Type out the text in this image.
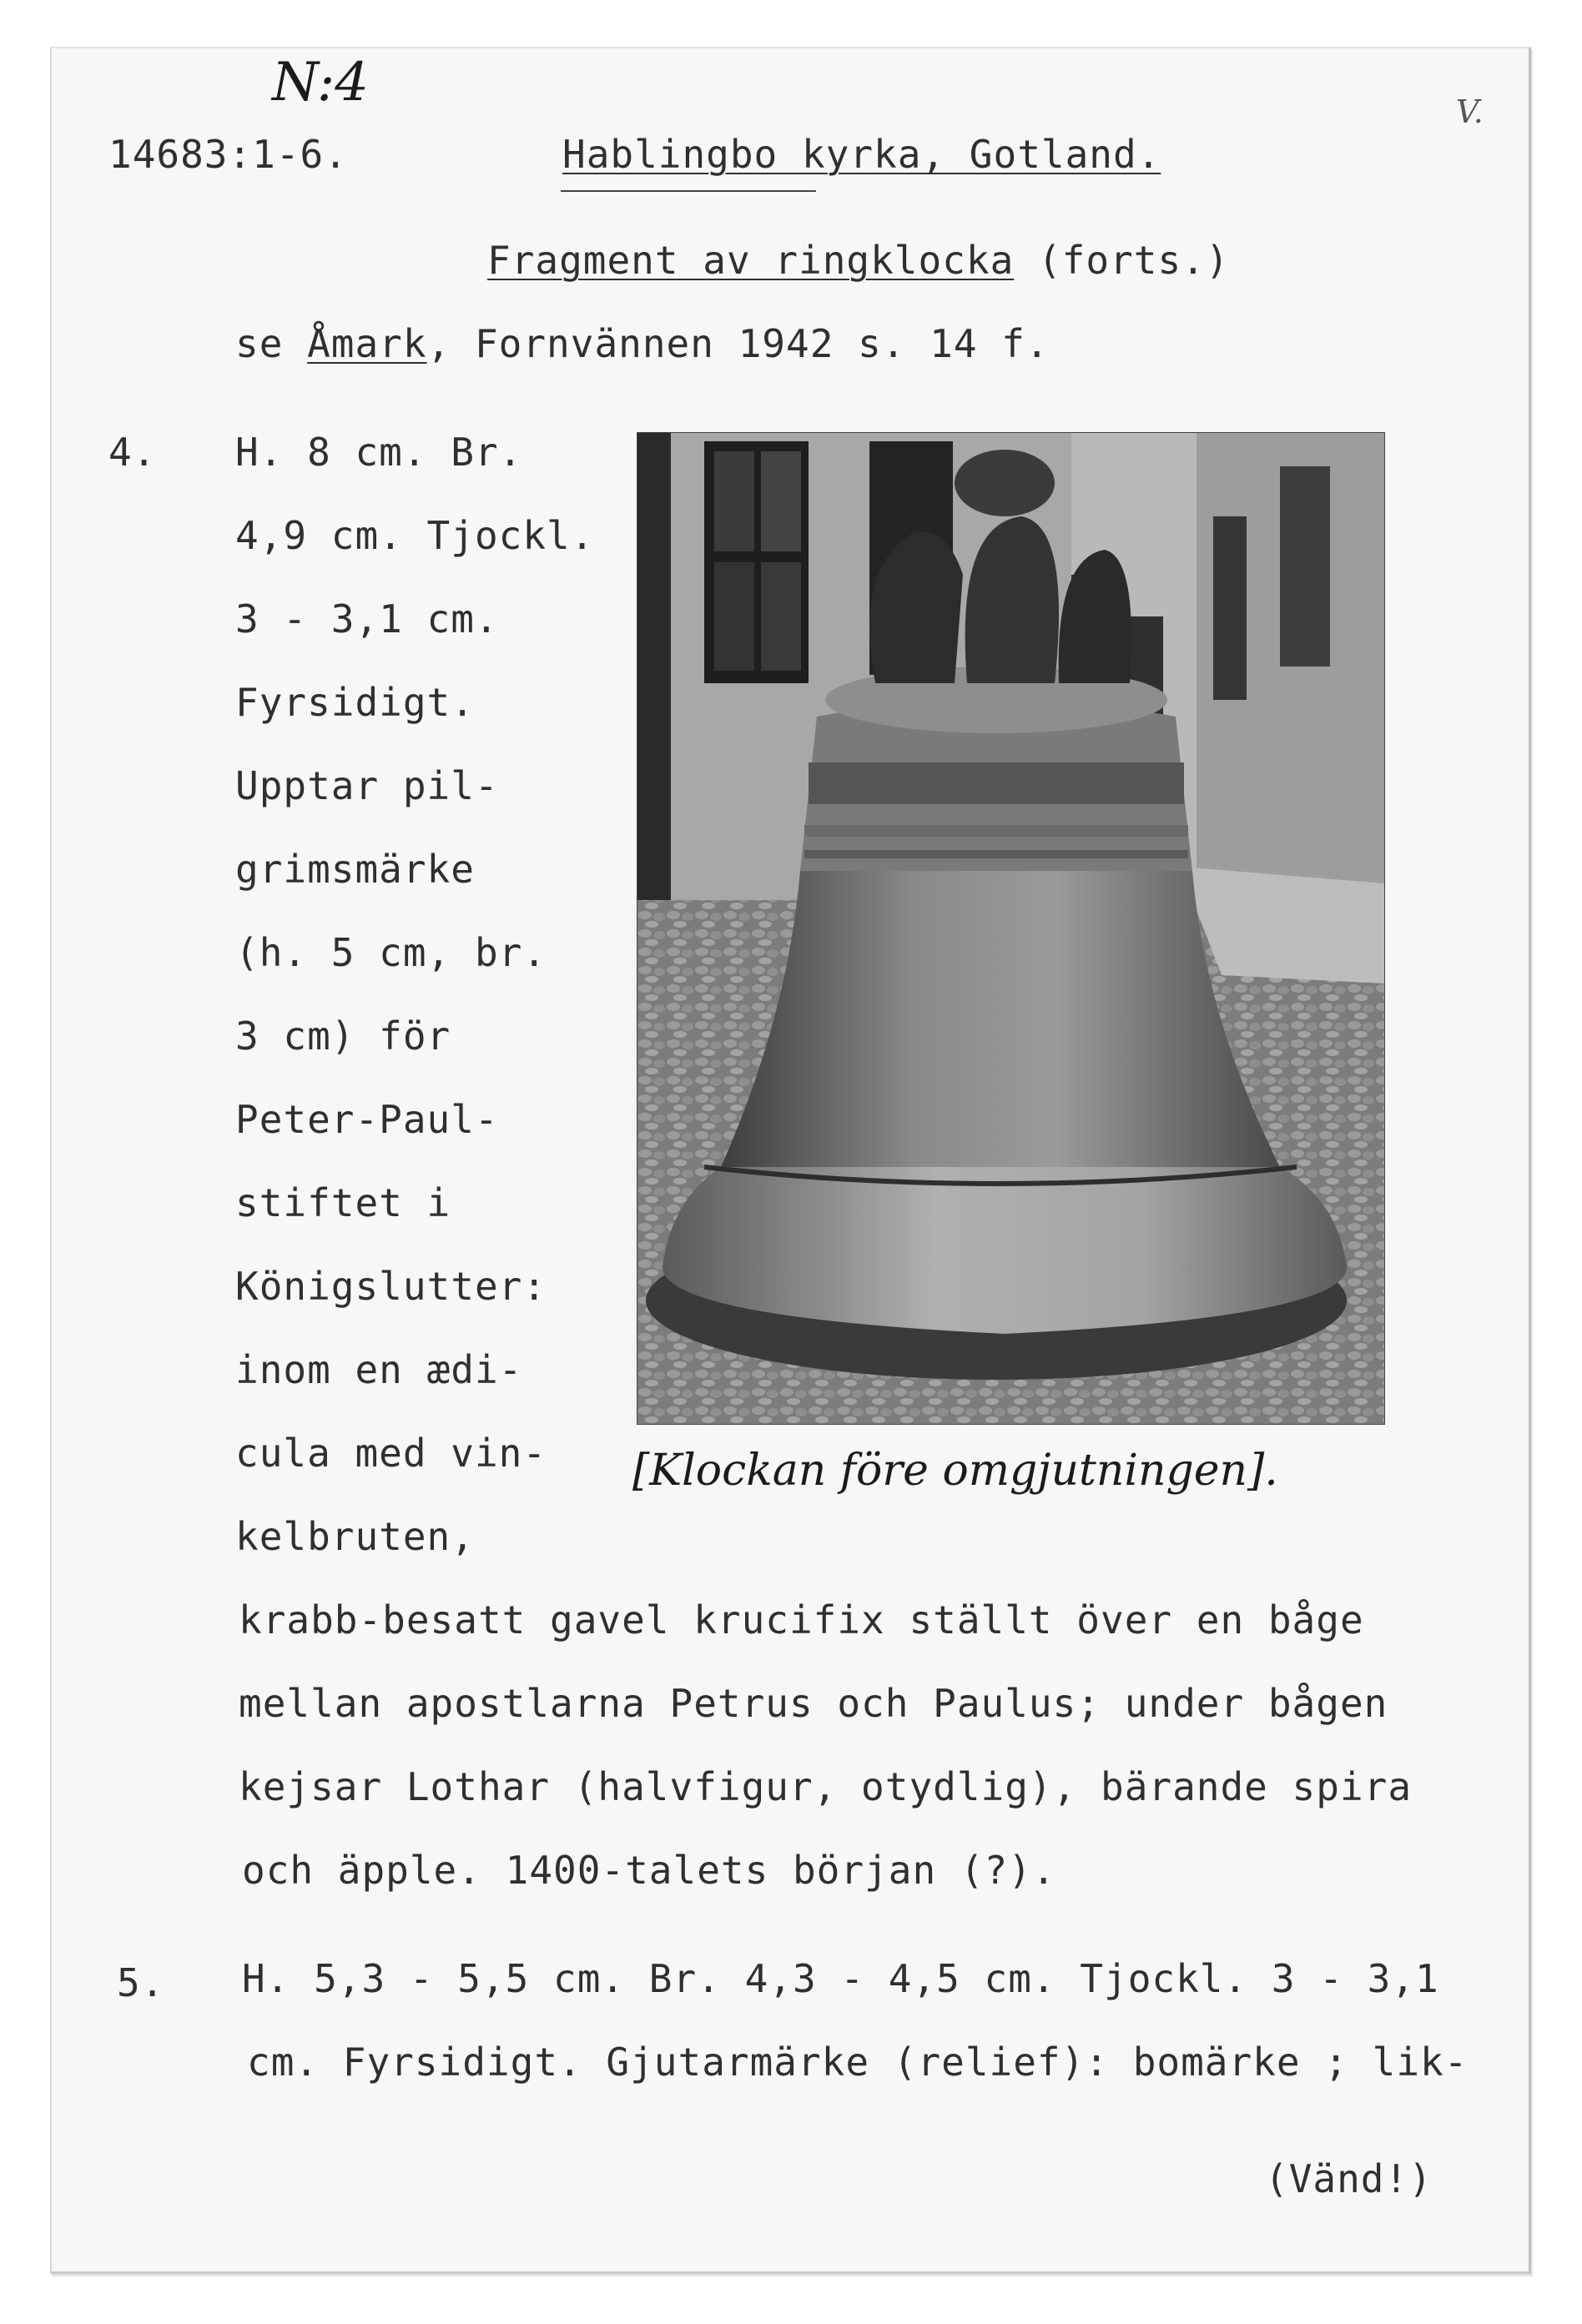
N:4	V.
14683:1-6.	Hablingbo kyrka, Gotland.
Fragment av ringklocka (forts.)
se Åmark, Fornvännen 1942 s. 14 f.
4. H. 8 cm. Br.
4,9 cm. Tjockl.
3 - 3,1 cm.
Fyrsidigt.
Upptar pil-
grimsmärke
(h. 5 cm, br.
3 cm) för
Peter-Paul-
stiftet i
Königslutter:
inom en ædi-
cula med vin-
kelbruten,
krabb-besatt gavel krucifix ställt över en båge
mellan apostlarna Petrus och Paulus; under bågen
kejsar Lothar (halvfigur, otydlig), bärande spira
och äpple. 1400-talets början (?).
[Klockan före omgjutningen].
5. H. 5,3 - 5,5 cm. Br. 4,3 - 4,5 cm. Tjockl. 3 - 3,1
cm. Fyrsidigt. Gjutarmärke (relief): bomärke ; lik-
(Vänd!)
